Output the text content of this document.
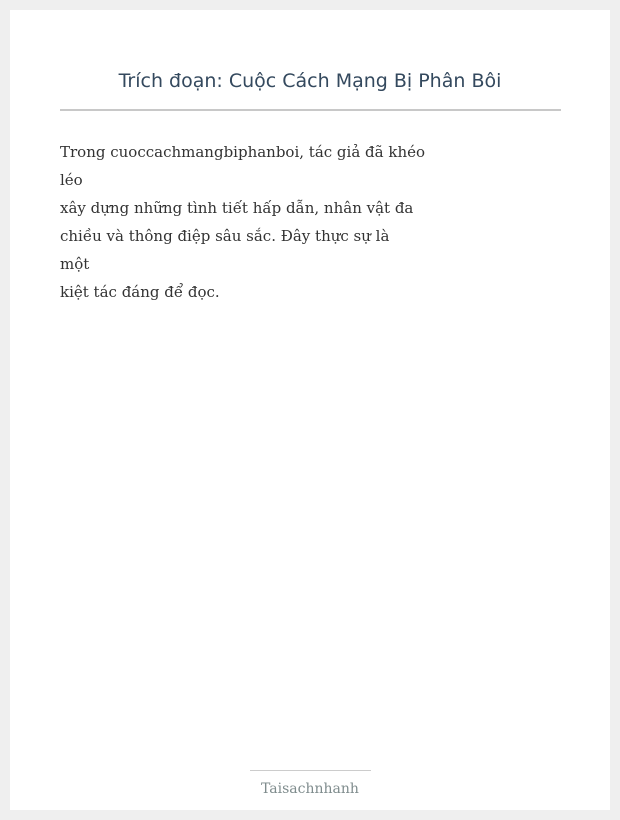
Trích đoạn: Cuộc Cách Mạng Bị Phân Bôi
Trong cuoccachmangbiphanboi, tác giả đã khéo
léo
xây dựng những tình tiết hấp dẫn, nhân vật đa
chiều và thông điệp sâu sắc. Đây thực sự là
một
kiệt tác đáng để đọc.
Taisachnhanh
